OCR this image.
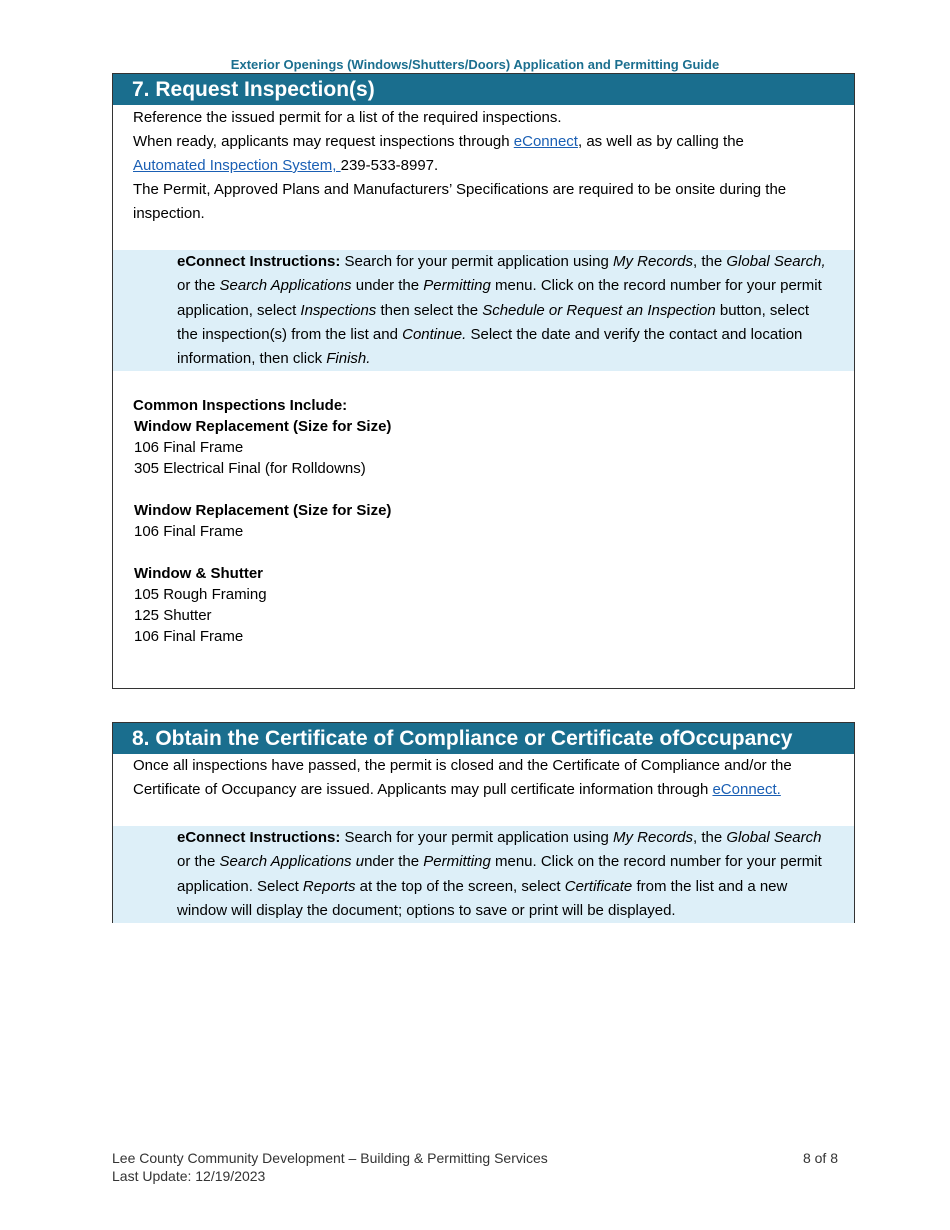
Exterior Openings (Windows/Shutters/Doors) Application and Permitting Guide
7. Request Inspection(s)

Reference the issued permit for a list of the required inspections.

When ready, applicants may request inspections through eConnect, as well as by calling the
Automated Inspection System, 239-533-8997.

The Permit, Approved Plans and Manufacturers’ Specifications are required to be onsite during the inspection.

eConnect Instructions: Search for your permit application using My Records, the Global Search, or the Search Applications under the Permitting menu. Click on the record number for your permit application, select Inspections then select the Schedule or Request an Inspection button, select the inspection(s) from the list and Continue. Select the date and verify the contact and location information, then click Finish.
Common Inspections Include:
Window Replacement (Size for Size)
106 Final Frame
305 Electrical Final (for Rolldowns)
Window Replacement (Size for Size)
106 Final Frame
Window & Shutter
105 Rough Framing
125 Shutter
106 Final Frame
8. Obtain the Certificate of Compliance or Certificate ofOccupancy

Once all inspections have passed, the permit is closed and the Certificate of Compliance and/or the Certificate of Occupancy are issued. Applicants may pull certificate information through eConnect.

eConnect Instructions: Search for your permit application using My Records, the Global Search or the Search Applications under the Permitting menu. Click on the record number for your permit application. Select Reports at the top of the screen, select Certificate from the list and a new window will display the document; options to save or print will be displayed.
Lee County Community Development – Building & Permitting Services
Last Update: 12/19/2023
8 of 8
